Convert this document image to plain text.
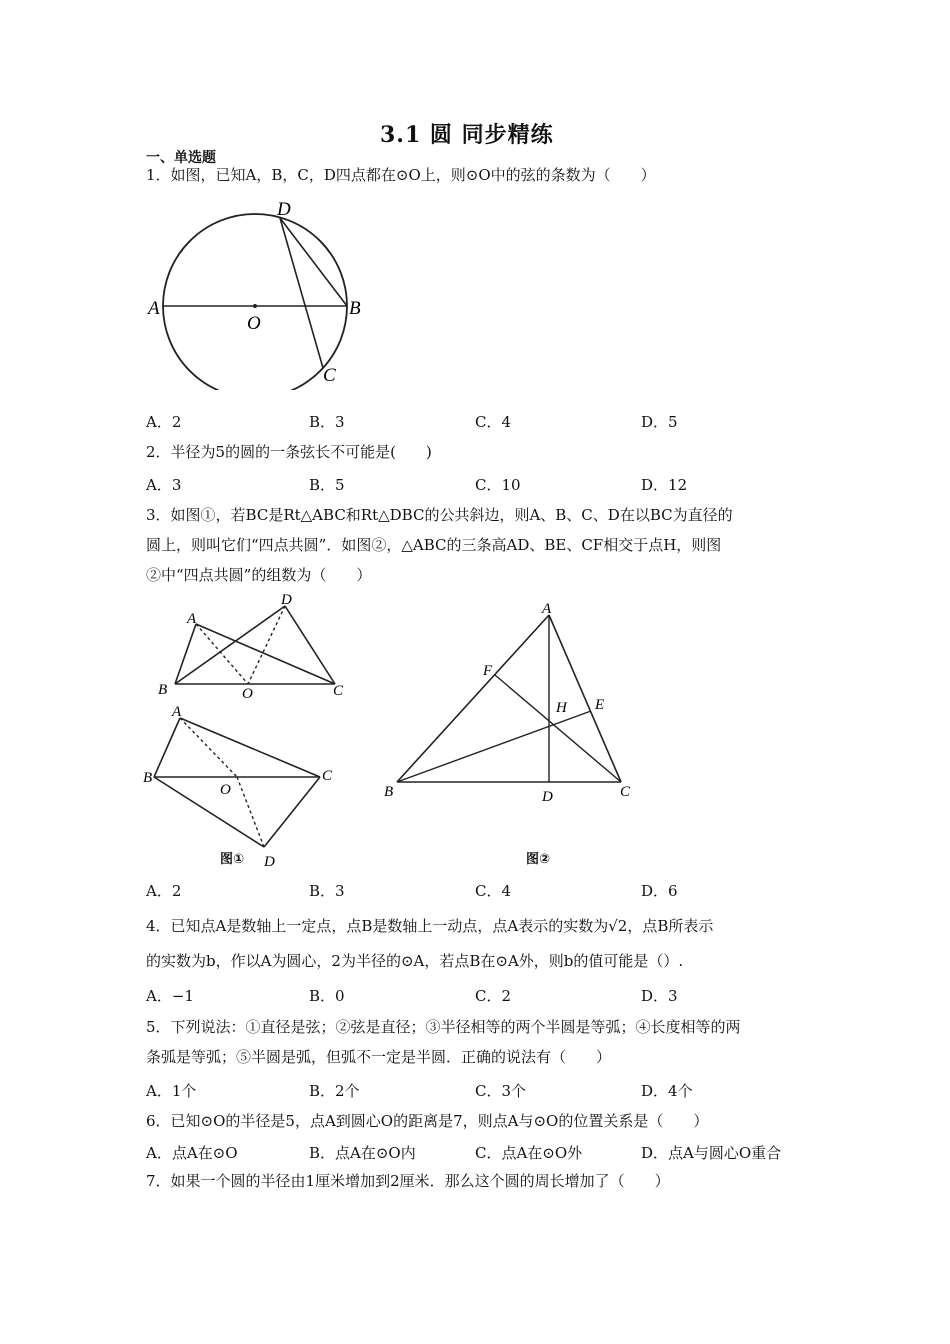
3.1 圆 同步精练
一、单选题
1．如图，已知A，B，C，D四点都在⊙O上，则⊙O中的弦的条数为（　　）
A	B
C
D
O
A．2	B．3	C．4	D．5
2．半径为5的圆的一条弦长不可能是(　　)
A．3	B．5	C．10	D．12
3．如图①，若BC是Rt△ABC和Rt△DBC的公共斜边，则A、B、C、D在以BC为直径的
圆上，则叫它们“四点共圆”．如图②，△ABC的三条高AD、BE、CF相交于点H，则图
②中“四点共圆”的组数为（　　）
A
D
B	O	C
A
B
O
C
D
图①
A
F
H E
B	D	C
图②
A．2	B．3	C．4	D．6
4．已知点A是数轴上一定点，点B是数轴上一动点，点A表示的实数为√2，点B所表示
的实数为b，作以A为圆心，2为半径的⊙A，若点B在⊙A外，则b的值可能是（）.
A．−1	B．0	C．2	D．3
5．下列说法：①直径是弦；②弦是直径；③半径相等的两个半圆是等弧；④长度相等的两
条弧是等弧；⑤半圆是弧，但弧不一定是半圆．正确的说法有（　　）
A．1个	B．2个	C．3个	D．4个
6．已知⊙O的半径是5，点A到圆心O的距离是7，则点A与⊙O的位置关系是（　　）
A．点A在⊙O	B．点A在⊙O内	C．点A在⊙O外	D．点A与圆心O重合
7．如果一个圆的半径由1厘米增加到2厘米．那么这个圆的周长增加了（　　）
